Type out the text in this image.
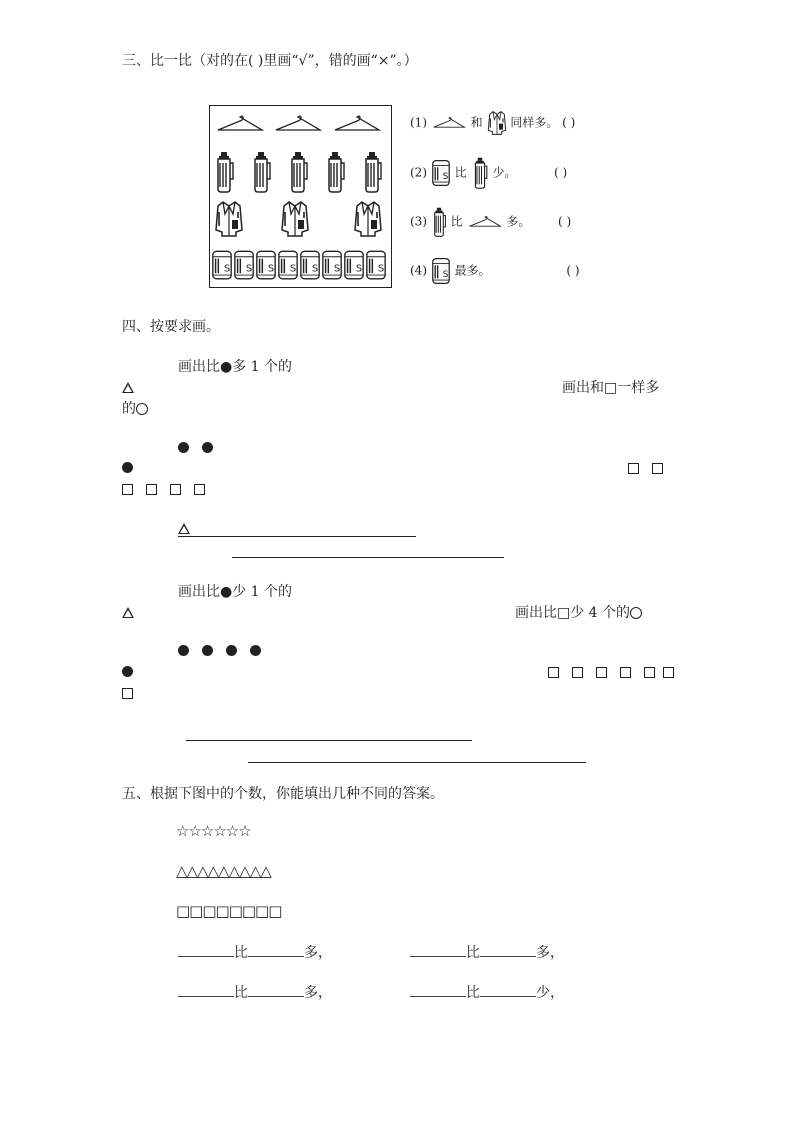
三、比一比（对的在( )里画“√”，错的画“×”。）
(1)	和 同样多。 ( )
(2) 比 少。	( )
(3) 比	多。 ( )
(4) 最多。	( )
四、按要求画。
画出比●多 1 个的
画出和□一样多
的
画出比●少 1 个的
画出比□少 4 个的
五、根据下图中的个数，你能填出几种不同的答案。
☆☆☆☆☆☆
△△△△△△△△△
□□□□□□□□
比	多，	比	多，
比	多，	比	少，
